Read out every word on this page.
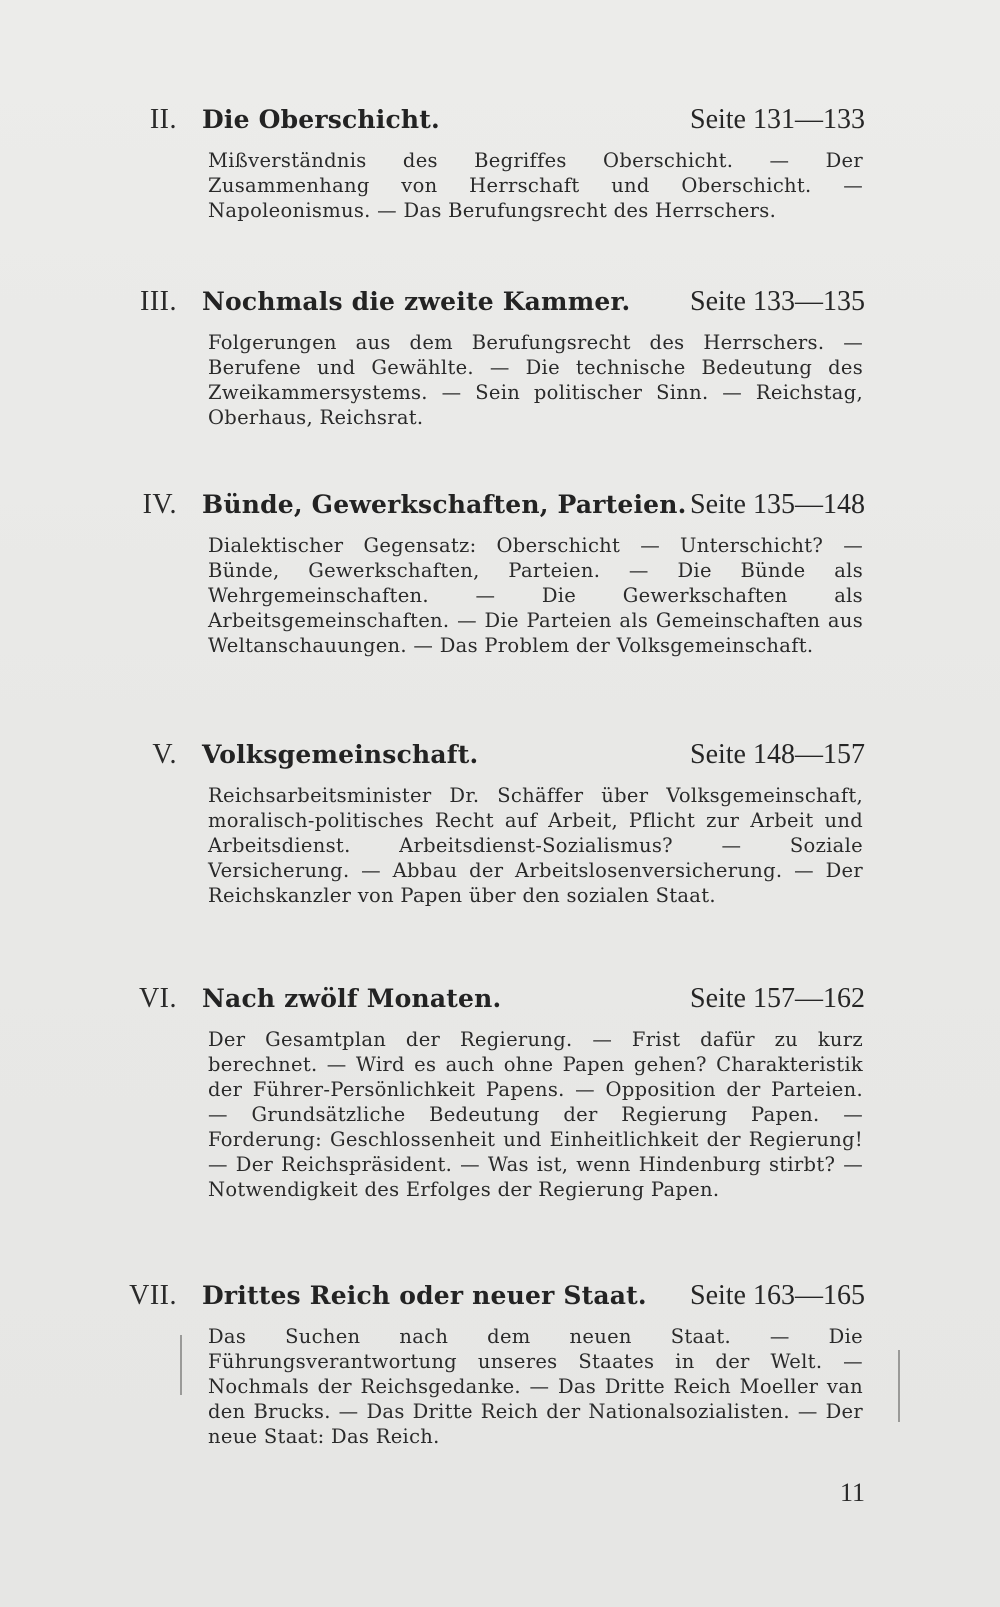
II. Die Oberschicht.	Seite 131—133
Mißverständnis des Begriffes Oberschicht. — Der Zusammenhang von Herrschaft und Oberschicht. — Napoleonismus. — Das Berufungsrecht des Herrschers.
III. Nochmals die zweite Kammer. Seite 133—135
Folgerungen aus dem Berufungsrecht des Herrschers. — Berufene und Gewählte. — Die technische Bedeutung des Zweikammersystems. — Sein politischer Sinn. — Reichstag, Oberhaus, Reichsrat.
IV. Bünde, Gewerkschaften, Parteien. Seite 135—148
Dialektischer Gegensatz: Oberschicht — Unterschicht? — Bünde, Gewerkschaften, Parteien. — Die Bünde als Wehrgemeinschaften. — Die Gewerkschaften als Arbeitsgemeinschaften. — Die Parteien als Gemeinschaften aus Weltanschauungen. — Das Problem der Volksgemeinschaft.
V. Volksgemeinschaft.	Seite 148—157
Reichsarbeitsminister Dr. Schäffer über Volksgemeinschaft, moralisch-politisches Recht auf Arbeit, Pflicht zur Arbeit und Arbeitsdienst. Arbeitsdienst-Sozialismus? — Soziale Versicherung. — Abbau der Arbeitslosenversicherung. — Der Reichskanzler von Papen über den sozialen Staat.
VI. Nach zwölf Monaten.	Seite 157—162
Der Gesamtplan der Regierung. — Frist dafür zu kurz berechnet. — Wird es auch ohne Papen gehen? Charakteristik der Führer-Persönlichkeit Papens. — Opposition der Parteien. — Grundsätzliche Bedeutung der Regierung Papen. — Forderung: Geschlossenheit und Einheitlichkeit der Regierung! — Der Reichspräsident. — Was ist, wenn Hindenburg stirbt? — Notwendigkeit des Erfolges der Regierung Papen.
VII. Drittes Reich oder neuer Staat. Seite 163—165
Das Suchen nach dem neuen Staat. — Die Führungsverantwortung unseres Staates in der Welt. — Nochmals der Reichsgedanke. — Das Dritte Reich Moeller van den Brucks. — Das Dritte Reich der Nationalsozialisten. — Der neue Staat: Das Reich.
11
